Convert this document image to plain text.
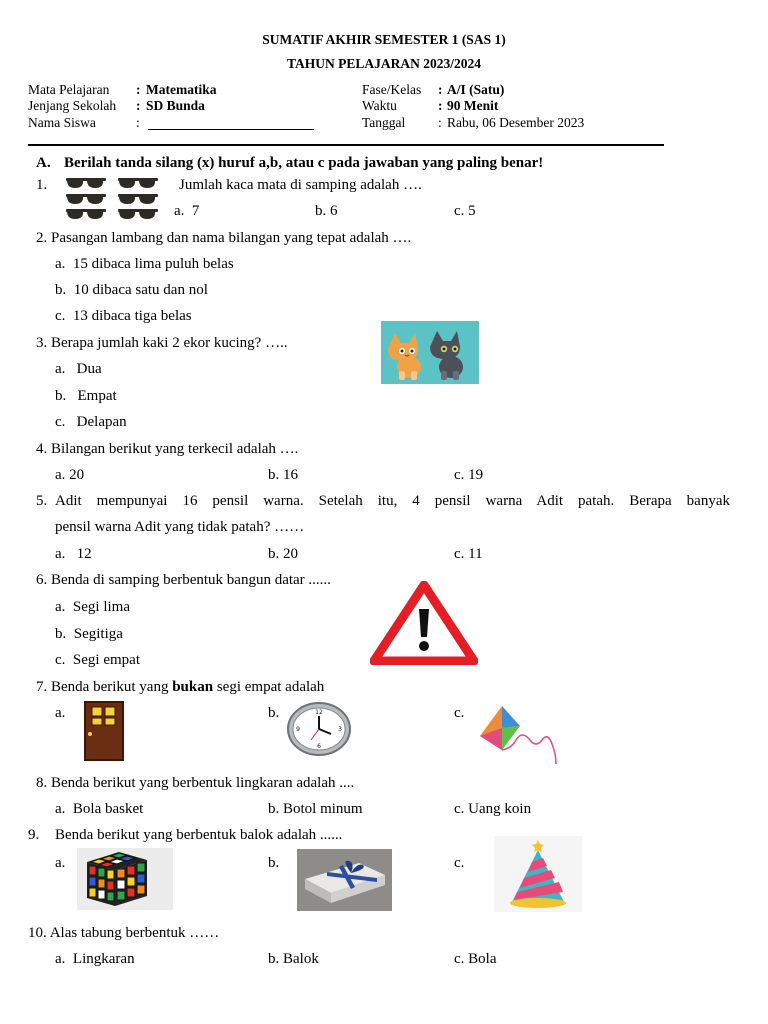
SUMATIF AKHIR SEMESTER 1 (SAS 1)
TAHUN PELAJARAN 2023/2024
Mata Pelajaran : Matematika
Jenjang Sekolah : SD Bunda
Nama Siswa	:
Fase/Kelas : A/I (Satu)
Waktu	: 90 Menit
Tanggal : Rabu, 06 Desember 2023
A. Berilah tanda silang (x) huruf a,b, atau c pada jawaban yang paling benar!
1.	Jumlah kaca mata di samping adalah ….
a. 7	b. 6	c. 5
2. Pasangan lambang dan nama bilangan yang tepat adalah ….
a. 15 dibaca lima puluh belas
b. 10 dibaca satu dan nol
c. 13 dibaca tiga belas
3. Berapa jumlah kaki 2 ekor kucing? …..
a. Dua
b. Empat
c. Delapan
4. Bilangan berikut yang terkecil adalah ….
a. 20	b. 16	c. 19
5. Adit mempunyai 16 pensil warna. Setelah itu, 4 pensil warna Adit patah. Berapa banyak
pensil warna Adit yang tidak patah? ……
a. 12	b. 20	c. 11
6. Benda di samping berbentuk bangun datar ......
a. Segi lima
b. Segitiga
c. Segi empat
7. Benda berikut yang bukan segi empat adalah
a.	b.	c.
12
3
6
9
8. Benda berikut yang berbentuk lingkaran adalah ....
a. Bola basket	b. Botol minum	c. Uang koin
9. Benda berikut yang berbentuk balok adalah ......
a.	b.	c.
10. Alas tabung berbentuk ……
a. Lingkaran	b. Balok	c. Bola
